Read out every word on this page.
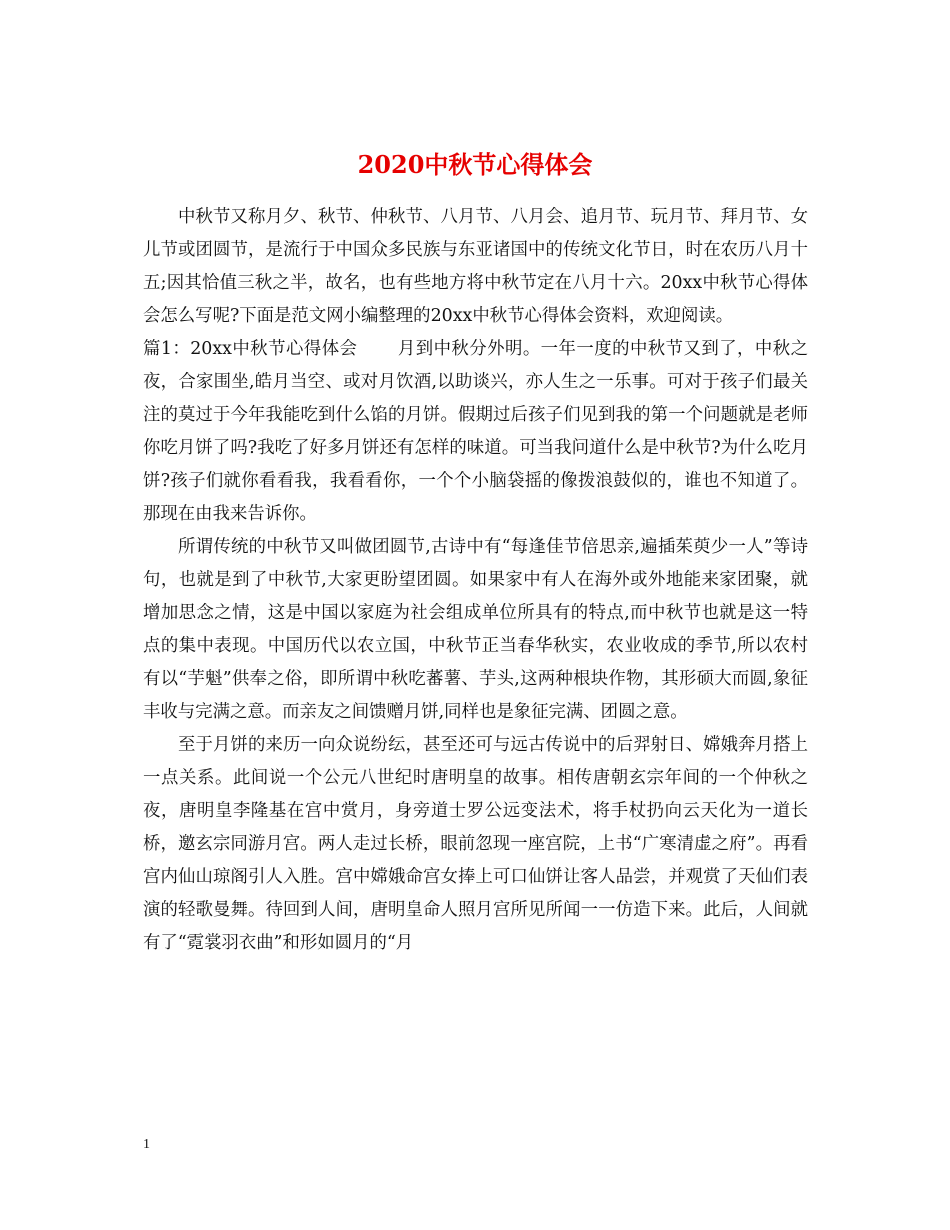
2020中秋节心得体会

中秋节又称月夕、秋节、仲秋节、八月节、八月会、追月节、玩月节、拜月节、女儿节或团圆节，是流行于中国众多民族与东亚诸国中的传统文化节日，时在农历八月十五;因其恰值三秋之半，故名，也有些地方将中秋节定在八月十六。20xx中秋节心得体会怎么写呢?下面是范文网小编整理的20xx中秋节心得体会资料，欢迎阅读。

篇1：20xx中秋节心得体会 月到中秋分外明。一年一度的中秋节又到了，中秋之夜，合家围坐,皓月当空、或对月饮酒,以助谈兴，亦人生之一乐事。可对于孩子们最关注的莫过于今年我能吃到什么馅的月饼。假期过后孩子们见到我的第一个问题就是老师你吃月饼了吗?我吃了好多月饼还有怎样的味道。可当我问道什么是中秋节?为什么吃月饼?孩子们就你看看我，我看看你，一个个小脑袋摇的像拨浪鼓似的，谁也不知道了。那现在由我来告诉你。

所谓传统的中秋节又叫做团圆节,古诗中有“每逢佳节倍思亲,遍插茱萸少一人”等诗句，也就是到了中秋节,大家更盼望团圆。如果家中有人在海外或外地能来家团聚，就增加思念之情，这是中国以家庭为社会组成单位所具有的特点,而中秋节也就是这一特点的集中表现。中国历代以农立国，中秋节正当春华秋实，农业收成的季节,所以农村有以“芋魁”供奉之俗，即所谓中秋吃蕃薯、芋头,这两种根块作物，其形硕大而圆,象征丰收与完满之意。而亲友之间馈赠月饼,同样也是象征完满、团圆之意。

至于月饼的来历一向众说纷纭，甚至还可与远古传说中的后羿射日、嫦娥奔月搭上一点关系。此间说一个公元八世纪时唐明皇的故事。相传唐朝玄宗年间的一个仲秋之夜，唐明皇李隆基在宫中赏月，身旁道士罗公远变法术，将手杖扔向云天化为一道长桥，邀玄宗同游月宫。两人走过长桥，眼前忽现一座宫院，上书“广寒清虚之府”。再看宫内仙山琼阁引人入胜。宫中嫦娥命宫女捧上可口仙饼让客人品尝，并观赏了天仙们表演的轻歌曼舞。待回到人间，唐明皇命人照月宫所见所闻一一仿造下来。此后，人间就有了“霓裳羽衣曲”和形如圆月的“月

1
